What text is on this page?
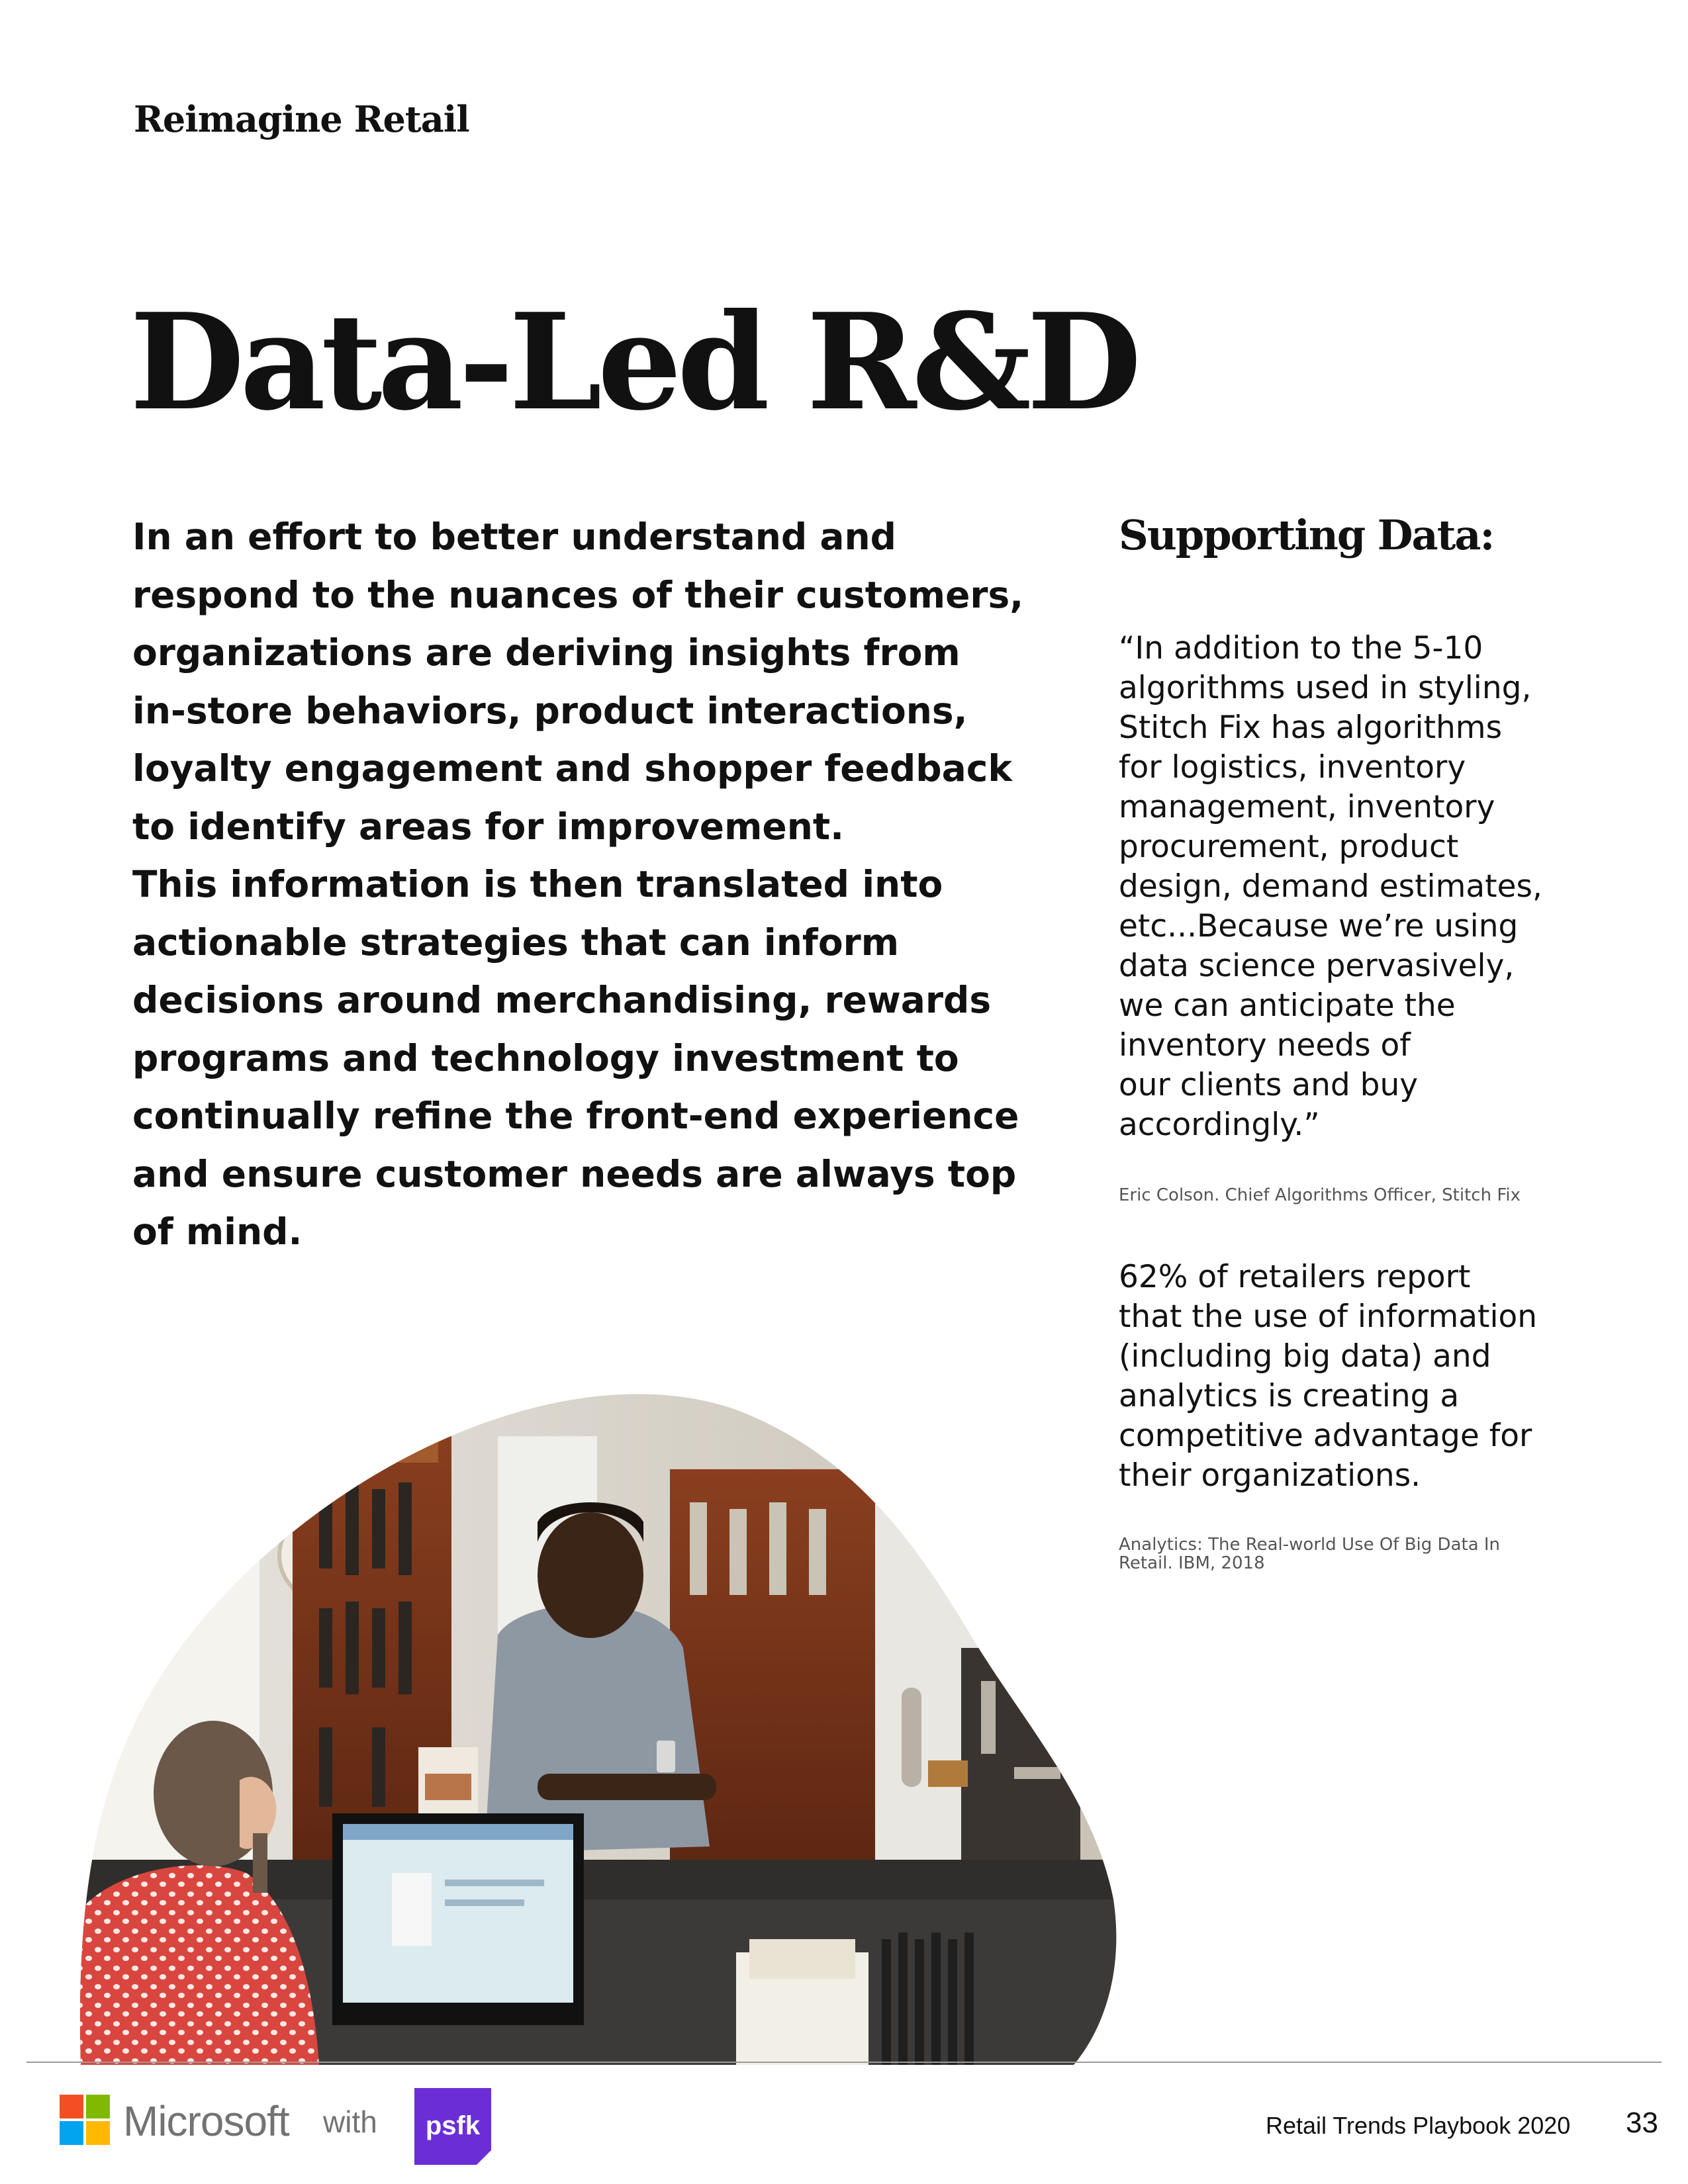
Reimagine Retail
Data-Led R&D

In an effort to better understand and

respond to the nuances of their customers,

organizations are deriving insights from

in-store behaviors, product interactions,

loyalty engagement and shopper feedback

to identify areas for improvement.

This information is then translated into

actionable strategies that can inform

decisions around merchandising, rewards

programs and technology investment to

continually refine the front-end experience

and ensure customer needs are always top

of mind.

Supporting Data:

“In addition to the 5-10

algorithms used in styling,

Stitch Fix has algorithms

for logistics, inventory

management, inventory

procurement, product

design, demand estimates,

etc...Because we’re using

data science pervasively,

we can anticipate the

inventory needs of

our clients and buy

accordingly.”

Eric Colson. Chief Algorithms Officer, Stitch Fix

62% of retailers report

that the use of information

(including big data) and

analytics is creating a

competitive advantage for

their organizations.

Analytics: The Real-world Use Of Big Data In

Retail. IBM, 2018

Microsoft with psfk	Retail Trends Playbook 2020 33
